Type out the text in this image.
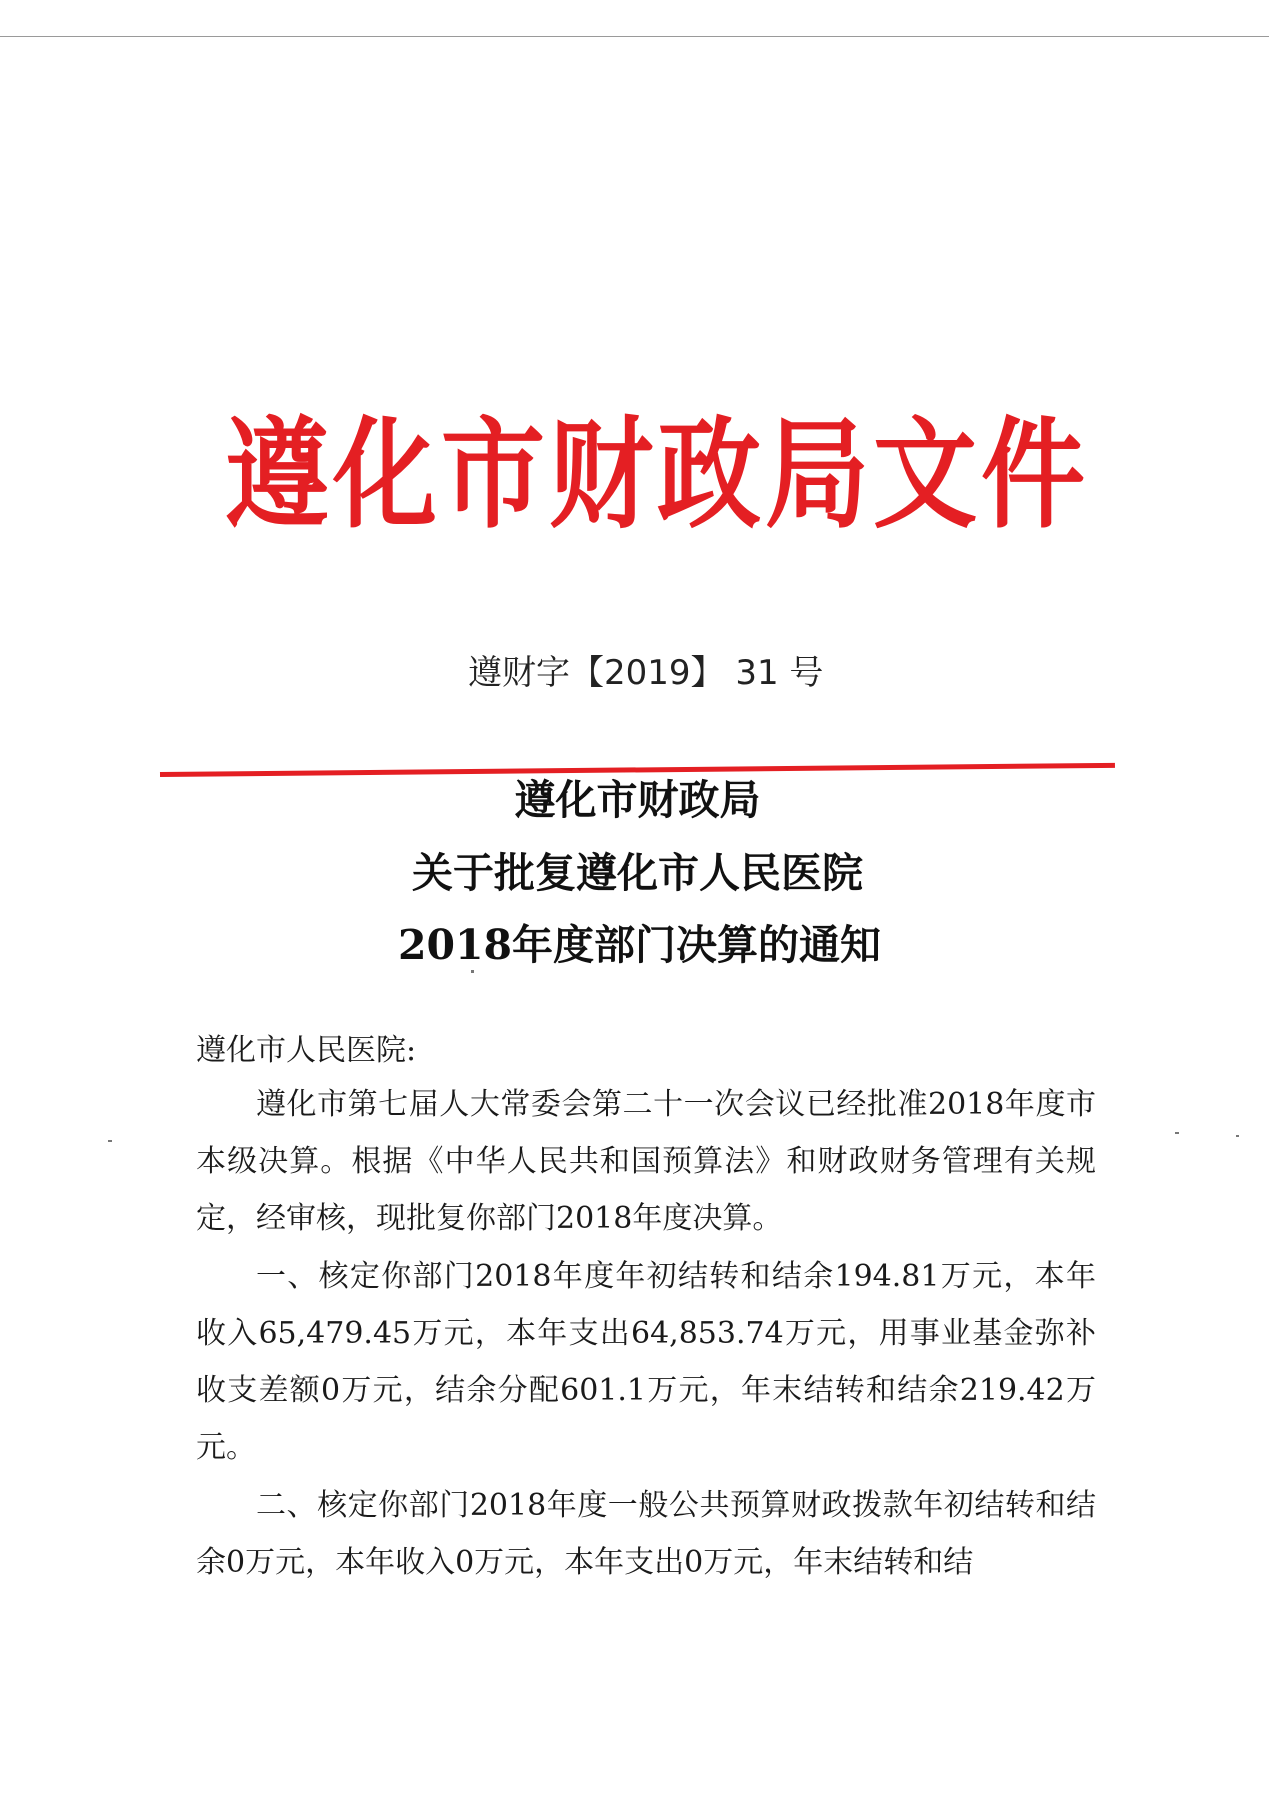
遵化市财政局文件
遵财字【2019】 31 号
遵化市财政局
关于批复遵化市人民医院
2018年度部门决算的通知
遵化市人民医院:
遵化市第七届人大常委会第二十一次会议已经批准2018年度市本级决算。根据《中华人民共和国预算法》和财政财务管理有关规定，经审核，现批复你部门2018年度决算。
一、核定你部门2018年度年初结转和结余194.81万元，本年收入65,479.45万元，本年支出64,853.74万元，用事业基金弥补收支差额0万元，结余分配601.1万元，年末结转和结余219.42万元。
二、核定你部门2018年度一般公共预算财政拨款年初结转和结余0万元，本年收入0万元，本年支出0万元，年末结转和结
